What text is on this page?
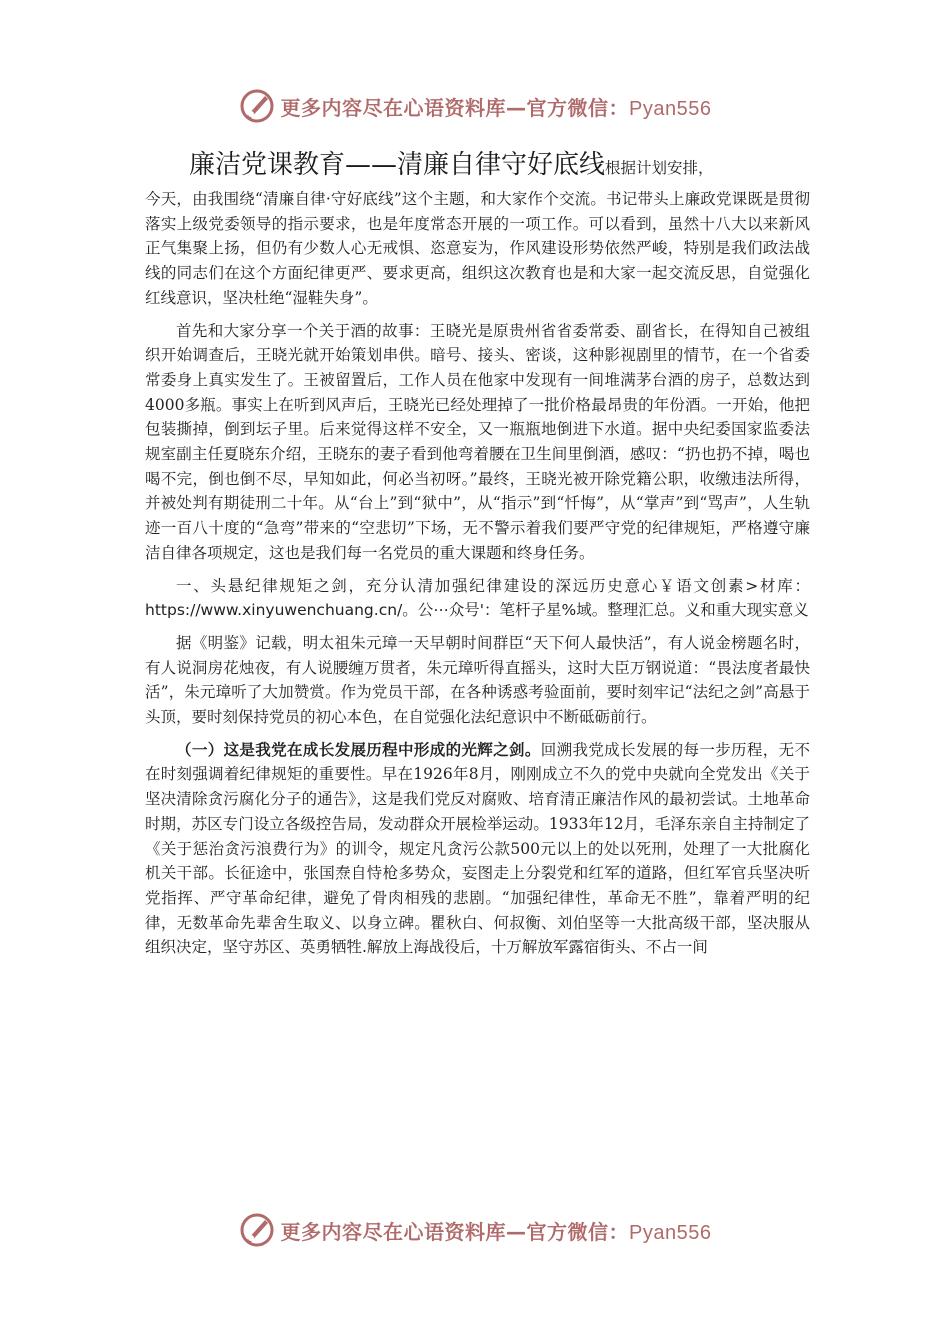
更多内容尽在心语资料库—官方微信：Pyan556
廉洁党课教育——清廉自律守好底线根据计划安排，

今天，由我围绕“清廉自律·守好底线”这个主题，和大家作个交流。书记带头上廉政党课既是贯彻落实上级党委领导的指示要求，也是年度常态开展的一项工作。可以看到，虽然十八大以来新风正气集聚上扬，但仍有少数人心无戒惧、恣意妄为，作风建设形势依然严峻，特别是我们政法战线的同志们在这个方面纪律更严、要求更高，组织这次教育也是和大家一起交流反思，自觉强化红线意识，坚决杜绝“湿鞋失身”。

首先和大家分享一个关于酒的故事：王晓光是原贵州省省委常委、副省长，在得知自己被组织开始调查后，王晓光就开始策划串供。暗号、接头、密谈，这种影视剧里的情节，在一个省委常委身上真实发生了。王被留置后，工作人员在他家中发现有一间堆满茅台酒的房子，总数达到4000多瓶。事实上在听到风声后，王晓光已经处理掉了一批价格最昂贵的年份酒。一开始，他把包装撕掉，倒到坛子里。后来觉得这样不安全，又一瓶瓶地倒进下水道。据中央纪委国家监委法规室副主任夏晓东介绍，王晓东的妻子看到他弯着腰在卫生间里倒酒，感叹：“扔也扔不掉，喝也喝不完，倒也倒不尽，早知如此，何必当初呀。”最终，王晓光被开除党籍公职，收缴违法所得，并被处判有期徒刑二十年。从“台上”到“狱中”，从“指示”到“忏悔”，从“掌声”到“骂声”，人生轨迹一百八十度的“急弯”带来的“空悲切”下场，无不警示着我们要严守党的纪律规矩，严格遵守廉洁自律各项规定，这也是我们每一名党员的重大课题和终身任务。

一、头悬纪律规矩之剑，充分认清加强纪律建设的深远历史意心￥语文创素>材库：https://www.xinyuwenchuang.cn/。公⋯众号'：笔杆子星%域。整理汇总。义和重大现实意义

据《明鉴》记载，明太祖朱元璋一天早朝时间群臣“天下何人最快活”，有人说金榜题名时，有人说洞房花烛夜，有人说腰缠万贯者，朱元璋听得直摇头，这时大臣万钢说道：“畏法度者最快活”，朱元璋听了大加赞赏。作为党员干部，在各种诱惑考验面前，要时刻牢记“法纪之剑”高悬于头顶，要时刻保持党员的初心本色，在自觉强化法纪意识中不断砥砺前行。

（一）这是我党在成长发展历程中形成的光辉之剑。回溯我党成长发展的每一步历程，无不在时刻强调着纪律规矩的重要性。早在1926年8月，刚刚成立不久的党中央就向全党发出《关于坚决清除贪污腐化分子的通告》，这是我们党反对腐败、培育清正廉洁作风的最初尝试。土地革命时期，苏区专门设立各级控告局，发动群众开展检举运动。1933年12月，毛泽东亲自主持制定了《关于惩治贪污浪费行为》的训令，规定凡贪污公款500元以上的处以死刑，处理了一大批腐化机关干部。长征途中，张国焘自恃枪多势众，妄图走上分裂党和红军的道路，但红军官兵坚决听党指挥、严守革命纪律，避免了骨肉相残的悲剧。“加强纪律性，革命无不胜”，靠着严明的纪律，无数革命先辈舍生取义、以身立碑。瞿秋白、何叔衡、刘伯坚等一大批高级干部，坚决服从组织决定，坚守苏区、英勇牺牲.解放上海战役后，十万解放军露宿街头、不占一间

更多内容尽在心语资料库—官方微信：Pyan556
